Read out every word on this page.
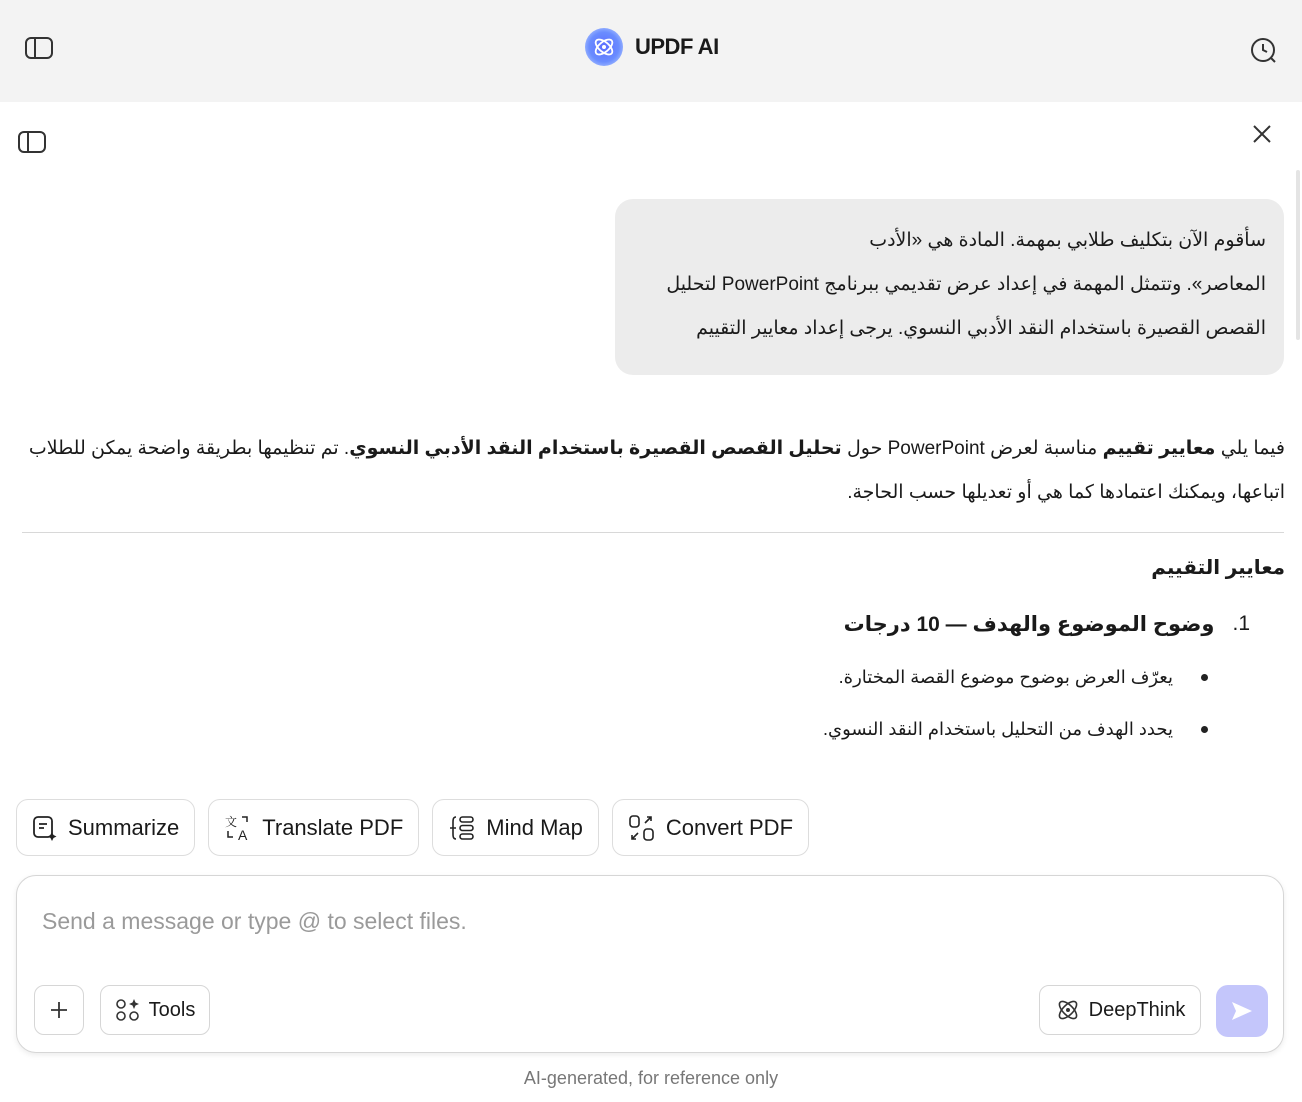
UPDF AI

سأقوم الآن بتكليف طلابي بمهمة. المادة هي «الأدب

المعاصر». وتتمثل المهمة في إعداد عرض تقديمي ببرنامج PowerPoint لتحليل

القصص القصيرة باستخدام النقد الأدبي النسوي. يرجى إعداد معايير التقييم

فيما يلي معايير تقييم مناسبة لعرض PowerPoint حول تحليل القصص القصيرة باستخدام النقد الأدبي النسوي. تم تنظيمها بطريقة واضحة يمكن للطلاب اتباعها، ويمكنك اعتمادها كما هي أو تعديلها حسب الحاجة.
معايير التقييم
1.
وضوح الموضوع والهدف — 10 درجات
يعرّف العرض بوضوح موضوع القصة المختارة.
يحدد الهدف من التحليل باستخدام النقد النسوي.
Summarize	文
A Translate PDF	Mind Map	Convert PDF
Send a message or type @ to select files.
Tools	DeepThink
AI-generated, for reference only
